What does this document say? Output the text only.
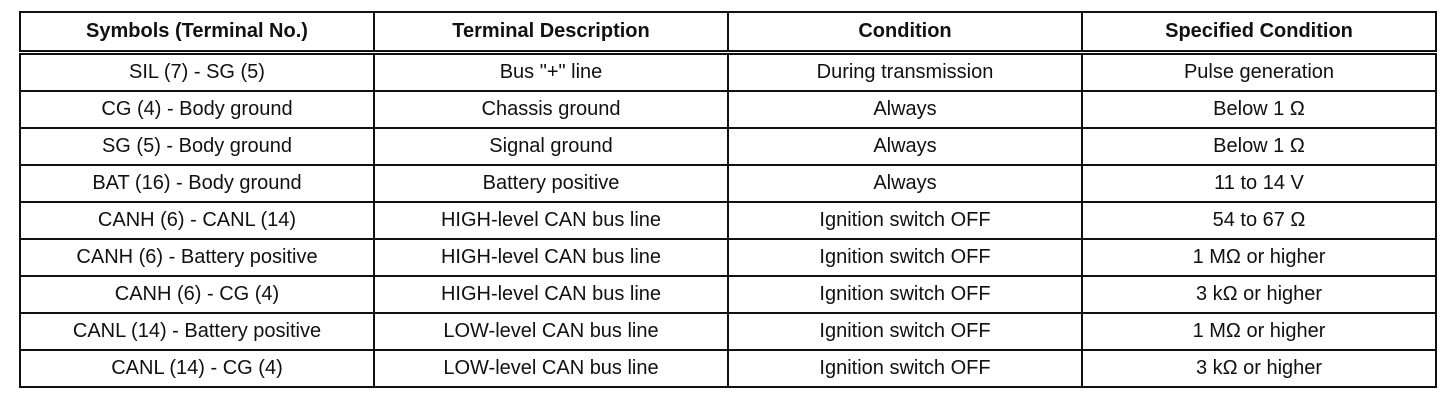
Symbols (Terminal No.)	Terminal Description	Condition	Specified Condition
SIL (7) - SG (5)	Bus "+" line	During transmission	Pulse generation
CG (4) - Body ground	Chassis ground	Always	Below 1 Ω
SG (5) - Body ground	Signal ground	Always	Below 1 Ω
BAT (16) - Body ground	Battery positive	Always	11 to 14 V
CANH (6) - CANL (14)	HIGH-level CAN bus line	Ignition switch OFF	54 to 67 Ω
CANH (6) - Battery positive	HIGH-level CAN bus line	Ignition switch OFF	1 MΩ or higher
CANH (6) - CG (4)	HIGH-level CAN bus line	Ignition switch OFF	3 kΩ or higher
CANL (14) - Battery positive	LOW-level CAN bus line	Ignition switch OFF	1 MΩ or higher
CANL (14) - CG (4)	LOW-level CAN bus line	Ignition switch OFF	3 kΩ or higher
